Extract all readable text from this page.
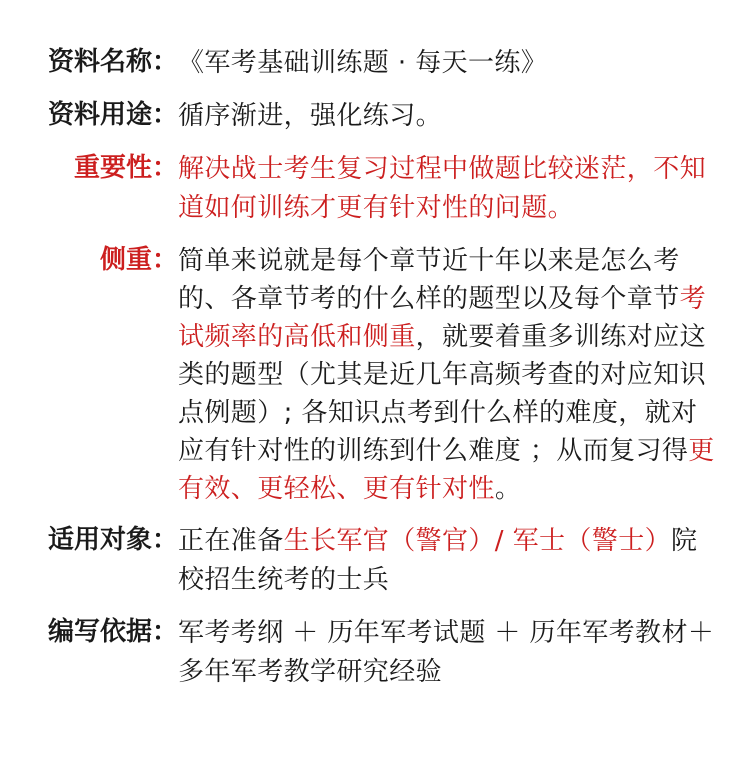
资料名称： 《军考基础训练题 · 每天一练》
资料用途： 循序渐进，强化练习。
重要性： 解决战士考生复习过程中做题比较迷茫，不知道如何训练才更有针对性的问题。
侧重： 简单来说就是每个章节近十年以来是怎么考的、各章节考的什么样的题型以及每个章节考试频率的高低和侧重，就要着重多训练对应这类的题型（尤其是近几年高频考查的对应知识点例题）; 各知识点考到什么样的难度，就对应有针对性的训练到什么难度 ；从而复习得更有效、更轻松、更有针对性。
适用对象： 正在准备生长军官（警官）/ 军士（警士）院校招生统考的士兵
编写依据： 军考考纲 ＋ 历年军考试题 ＋ 历年军考教材＋多年军考教学研究经验
